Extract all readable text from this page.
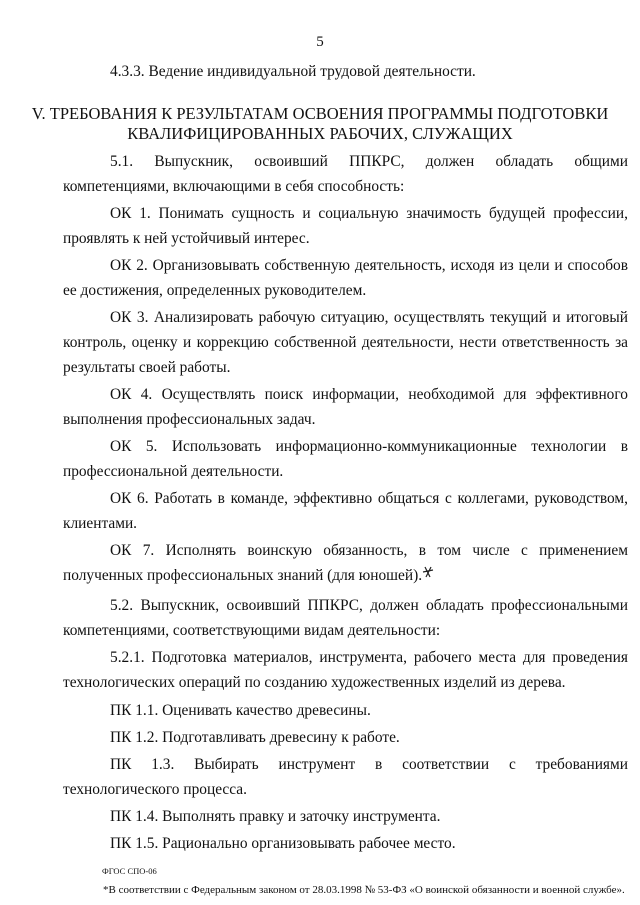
5
4.3.3. Ведение индивидуальной трудовой деятельности.
V. ТРЕБОВАНИЯ К РЕЗУЛЬТАТАМ ОСВОЕНИЯ ПРОГРАММЫ ПОДГОТОВКИ
КВАЛИФИЦИРОВАННЫХ РАБОЧИХ, СЛУЖАЩИХ
5.1. Выпускник, освоивший ППКРС, должен обладать общими
компетенциями, включающими в себя способность:
ОК 1. Понимать сущность и социальную значимость будущей профессии,
проявлять к ней устойчивый интерес.
ОК 2. Организовывать собственную деятельность, исходя из цели и способов
ее достижения, определенных руководителем.
ОК 3. Анализировать рабочую ситуацию, осуществлять текущий и итоговый
контроль, оценку и коррекцию собственной деятельности, нести ответственность за
результаты своей работы.
ОК 4. Осуществлять поиск информации, необходимой для эффективного
выполнения профессиональных задач.
ОК 5. Использовать информационно-коммуникационные технологии в
профессиональной деятельности.
ОК 6. Работать в команде, эффективно общаться с коллегами, руководством,
клиентами.
ОК 7. Исполнять воинскую обязанность, в том числе с применением
полученных профессиональных знаний (для юношей).
5.2. Выпускник, освоивший ППКРС, должен обладать профессиональными
компетенциями, соответствующими видам деятельности:
5.2.1. Подготовка материалов, инструмента, рабочего места для проведения
технологических операций по созданию художественных изделий из дерева.
ПК 1.1. Оценивать качество древесины.
ПК 1.2. Подготавливать древесину к работе.
ПК 1.3. Выбирать инструмент в соответствии с требованиями
технологического процесса.
ПК 1.4. Выполнять правку и заточку инструмента.
ПК 1.5. Рационально организовывать рабочее место.
ФГОС СПО-06
*В соответствии с Федеральным законом от 28.03.1998 № 53-ФЗ «О воинской обязанности и военной службе».
